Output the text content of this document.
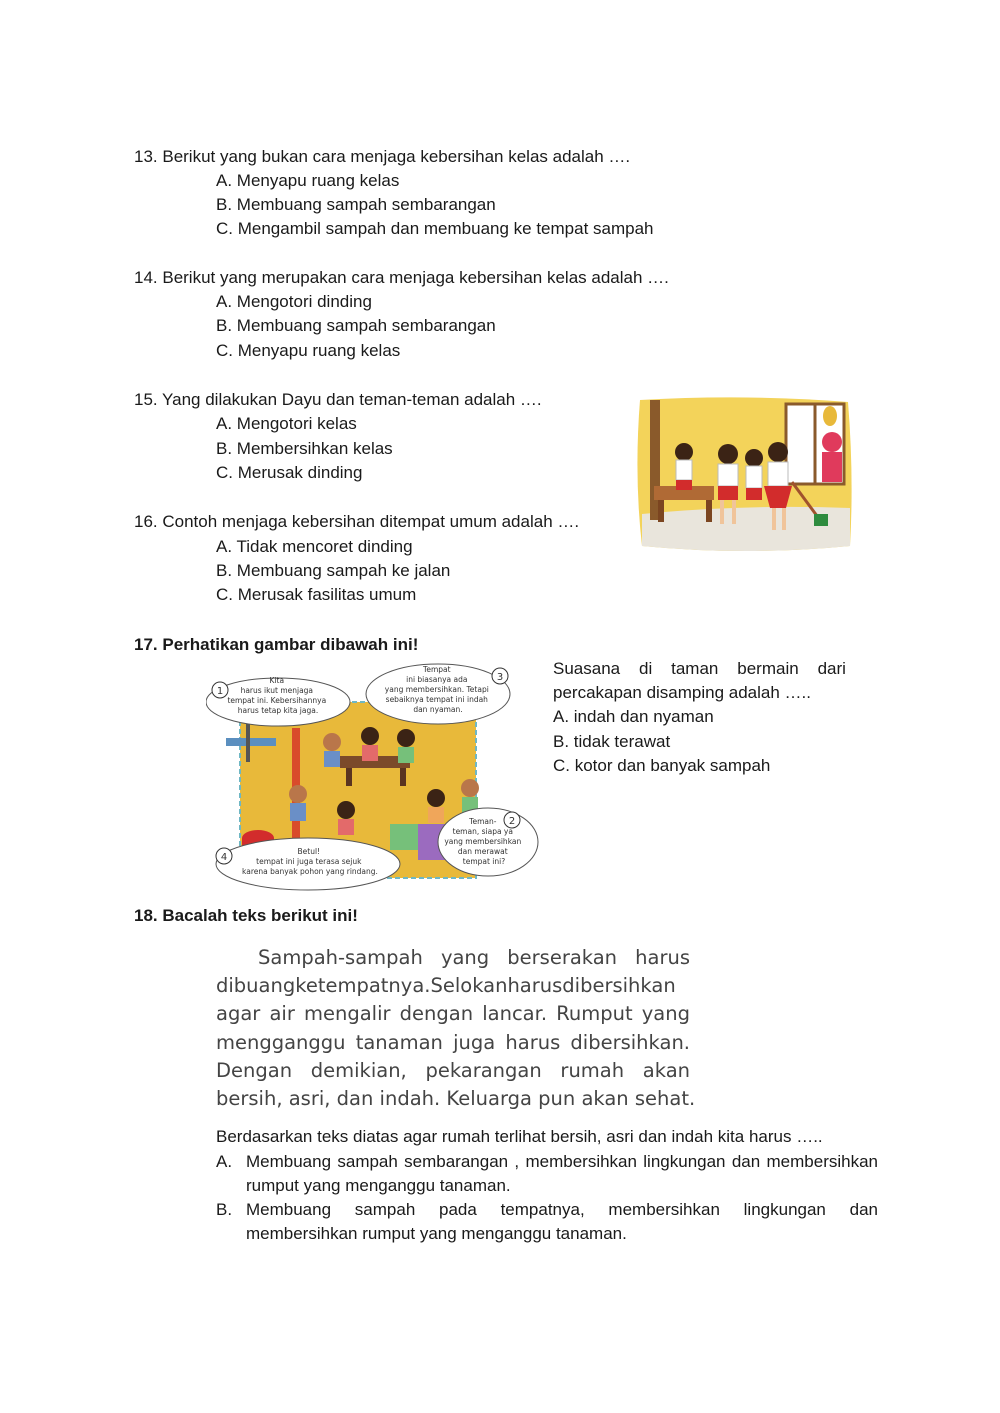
13. Berikut yang bukan cara menjaga kebersihan kelas adalah ….
A. Menyapu ruang kelas
B. Membuang sampah sembarangan
C. Mengambil sampah dan membuang ke tempat sampah
14. Berikut yang merupakan cara menjaga kebersihan kelas adalah ….
A. Mengotori dinding
B. Membuang sampah sembarangan
C. Menyapu ruang kelas
15. Yang dilakukan Dayu dan teman-teman adalah ….
A. Mengotori kelas
B. Membersihkan kelas
C. Merusak dinding
16. Contoh menjaga kebersihan ditempat umum adalah ….
A. Tidak mencoret dinding
B. Membuang sampah ke jalan
C. Merusak fasilitas umum
17. Perhatikan gambar dibawah ini!
1
Kita harus ikut menjaga tempat ini. Kebersihannya harus tetap kita jaga.
3
Tempat ini biasanya ada yang membersihkan. Tetapi sebaiknya tempat ini indah dan nyaman.
2
Teman- teman, siapa ya yang membersihkan dan merawat tempat ini?
4
Betul! tempat ini juga terasa sejuk karena banyak pohon yang rindang.
Suasana    di    taman    bermain    dari
percakapan disamping adalah …..
A. indah dan nyaman
B. tidak terawat
C. kotor dan banyak sampah
18. Bacalah teks berikut ini!
Sampah-sampah yang berserakan harus
dibuangketempatnya.Selokanharusdibersihkan
agar air mengalir dengan lancar. Rumput yang
mengganggu tanaman juga harus dibersihkan.
Dengan demikian, pekarangan rumah akan
bersih, asri, dan indah. Keluarga pun akan sehat.
Berdasarkan teks diatas agar rumah terlihat bersih, asri dan indah kita harus …..
A. Membuang sampah sembarangan , membersihkan lingkungan dan membersihkan rumput yang menganggu tanaman.
B. Membuang sampah pada tempatnya, membersihkan lingkungan dan membersihkan rumput yang menganggu tanaman.
